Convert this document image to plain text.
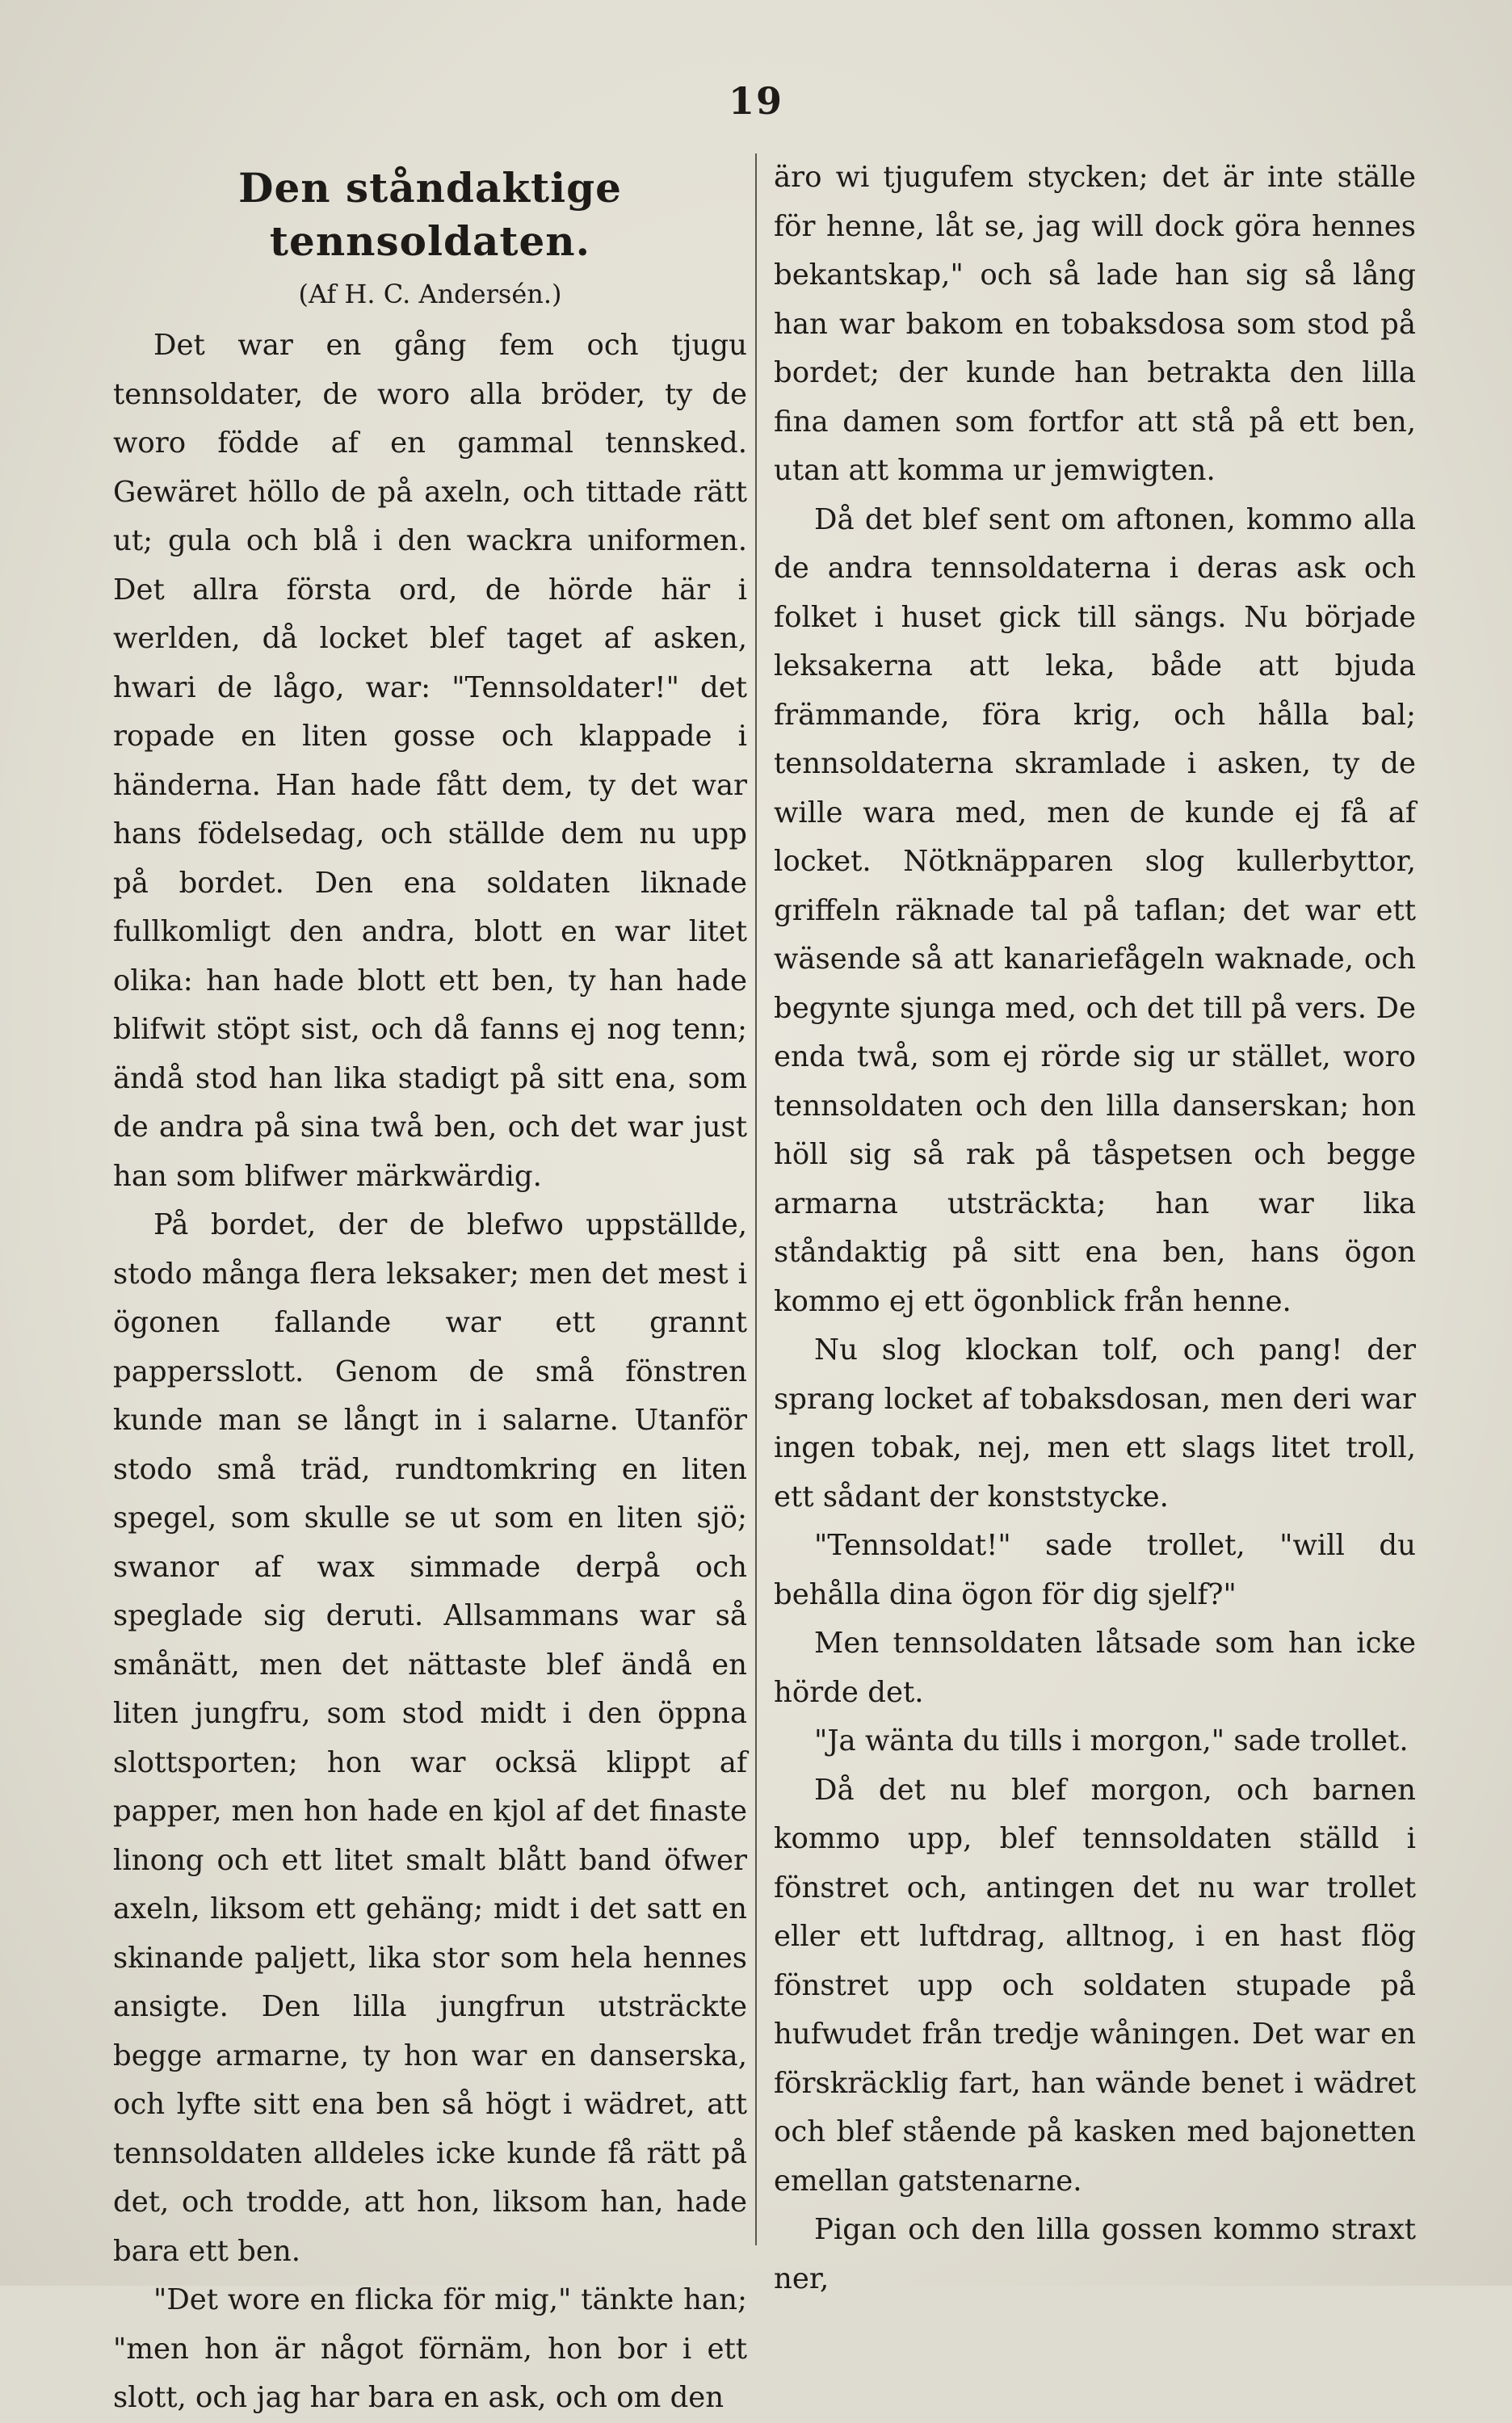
19
Den ståndaktige tennsoldaten.
(Af H. C. Andersén.)

Det war en gång fem och tjugu tennsoldater, de woro alla bröder, ty de woro födde af en gammal tennsked. Gewäret höllo de på axeln, och tittade rätt ut; gula och blå i den wackra uniformen. Det allra första ord, de hörde här i werlden, då locket blef taget af asken, hwari de lågo, war: "Tennsoldater!" det ropade en liten gosse och klappade i händerna. Han hade fått dem, ty det war hans födelsedag, och ställde dem nu upp på bordet. Den ena soldaten liknade fullkomligt den andra, blott en war litet olika: han hade blott ett ben, ty han hade blifwit stöpt sist, och då fanns ej nog tenn; ändå stod han lika stadigt på sitt ena, som de andra på sina twå ben, och det war just han som blifwer märkwärdig.

På bordet, der de blefwo uppställde, stodo många flera leksaker; men det mest i ögonen fallande war ett grannt pappersslott. Genom de små fönstren kunde man se långt in i salarne. Utanför stodo små träd, rundtomkring en liten spegel, som skulle se ut som en liten sjö; swanor af wax simmade derpå och speglade sig deruti. Allsammans war så smånätt, men det nättaste blef ändå en liten jungfru, som stod midt i den öppna slottsporten; hon war ocksä klippt af papper, men hon hade en kjol af det finaste linong och ett litet smalt blått band öfwer axeln, liksom ett gehäng; midt i det satt en skinande paljett, lika stor som hela hennes ansigte. Den lilla jungfrun utsträckte begge armarne, ty hon war en danserska, och lyfte sitt ena ben så högt i wädret, att tennsoldaten alldeles icke kunde få rätt på det, och trodde, att hon, liksom han, hade bara ett ben.

"Det wore en flicka för mig," tänkte han; "men hon är något förnäm, hon bor i ett slott, och jag har bara en ask, och om den

äro wi tjugufem stycken; det är inte ställe för henne, låt se, jag will dock göra hennes bekantskap," och så lade han sig så lång han war bakom en tobaksdosa som stod på bordet; der kunde han betrakta den lilla fina damen som fortfor att stå på ett ben, utan att komma ur jemwigten.

Då det blef sent om aftonen, kommo alla de andra tennsoldaterna i deras ask och folket i huset gick till sängs. Nu började leksakerna att leka, både att bjuda främmande, föra krig, och hålla bal; tennsoldaterna skramlade i asken, ty de wille wara med, men de kunde ej få af locket. Nötknäpparen slog kullerbyttor, griffeln räknade tal på taflan; det war ett wäsende så att kanariefågeln waknade, och begynte sjunga med, och det till på vers. De enda twå, som ej rörde sig ur stället, woro tennsoldaten och den lilla danserskan; hon höll sig så rak på tåspetsen och begge armarna utsträckta; han war lika ståndaktig på sitt ena ben, hans ögon kommo ej ett ögonblick från henne.

Nu slog klockan tolf, och pang! der sprang locket af tobaksdosan, men deri war ingen tobak, nej, men ett slags litet troll, ett sådant der konststycke.

"Tennsoldat!" sade trollet, "will du behålla dina ögon för dig sjelf?"

Men tennsoldaten låtsade som han icke hörde det.

"Ja wänta du tills i morgon," sade trollet.

Då det nu blef morgon, och barnen kommo upp, blef tennsoldaten ställd i fönstret och, antingen det nu war trollet eller ett luftdrag, alltnog, i en hast flög fönstret upp och soldaten stupade på hufwudet från tredje wåningen. Det war en förskräcklig fart, han wände benet i wädret och blef stående på kasken med bajonetten emellan gatstenarne.

Pigan och den lilla gossen kommo straxt ner,
